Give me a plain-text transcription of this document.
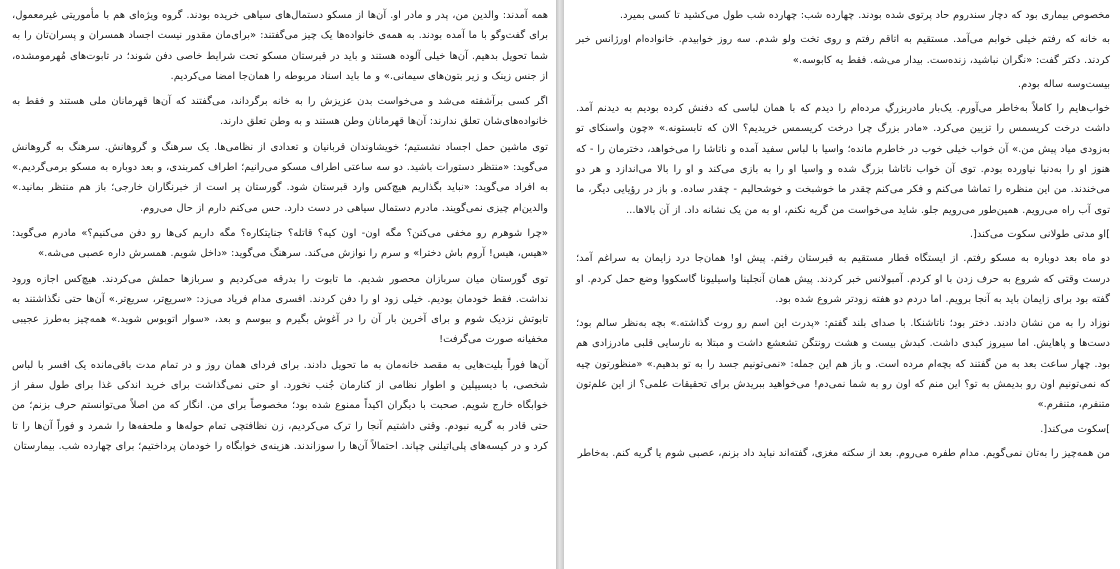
همه آمدند: والدین من، پدر و مادر او. آن‌ها از مسکو دستمال‌های سیاهی خریده بودند. گروه ویژه‌ای هم با مأموریتی غیرمعمول، برای گفت‌وگو با ما آمده بودند. به همه‌ی خانواده‌ها یک چیز می‌گفتند: «برای‌مان مقدور نیست اجساد همسران و پسران‌تان را به شما تحویل بدهیم. آن‌ها خیلی آلوده هستند و باید در قبرستان مسکو تحت شرایط خاصی دفن شوند؛ در تابوت‌های مُهرمومشده، از جنس زینک و زیر بتون‌های سیمانی.» و ما باید اسناد مربوطه را همان‌جا امضا می‌کردیم.

اگر کسی برآشفته می‌شد و می‌خواست بدن عزیزش را به خانه برگرداند، می‌گفتند که آن‌ها قهرمانان ملی هستند و فقط به خانواده‌های‌شان تعلق ندارند: آن‌ها قهرمانان وطن هستند و به وطن تعلق دارند.

توی ماشین حمل اجساد نشستیم؛ خویشاوندان قربانیان و تعدادی از نظامی‌ها. یک سرهنگ و گروهانش. سرهنگ به گروهانش می‌گوید: «منتظر دستورات باشید. دو سه ساعتی اطراف مسکو می‌رانیم؛ اطراف کمربندی، و بعد دوباره به مسکو برمی‌گردیم.» به افراد می‌گوید: «نباید بگذاریم هیچ‌کس وارد قبرستان شود. گورستان پر است از خبرنگاران خارجی؛ باز هم منتظر بمانید.» والدین‌ام چیزی نمی‌گویند. مادرم دستمال سیاهی در دست دارد. حس می‌کنم دارم از حال می‌روم.

«چرا شوهرم رو مخفی می‌کنن؟ مگه اون- اون کیه؟ قاتله؟ جنایتکاره؟ مگه داریم کی‌ها رو دفن می‌کنیم؟» مادرم می‌گوید: «هیس، هیس! آروم باش دخترا» و سرم را نوازش می‌کند. سرهنگ می‌گوید: «داخل شویم. همسرش داره عصبی می‌شه.»

توی گورستان میان سربازان محصور شدیم. ما تابوت را بدرقه می‌کردیم و سربازها حملش می‌کردند. هیچ‌کس اجازه ورود نداشت. فقط خودمان بودیم. خیلی زود او را دفن کردند. افسری مدام فریاد می‌زد: «سریع‌تر، سریع‌تر.» آن‌ها حتی نگذاشتند به تابوتش نزدیک شوم و برای آخرین بار آن را در آغوش بگیرم و ببوسم و بعد، «سوار اتوبوس شوید.» همه‌چیز به‌طرز عجیبی مخفیانه صورت می‌گرفت!

آن‌ها فوراً بلیت‌هایی به مقصد خانه‌مان به ما تحویل دادند. برای فردای همان روز و در تمام مدت باقی‌مانده یک افسر با لباس شخصی، با دیسیپلین و اطوار نظامی از کنارمان جُنب نخورد. او حتی نمی‌گذاشت برای خرید اندکی غذا برای طول سفر از خوابگاه خارج شویم. صحبت با دیگران اکیداً ممنوع شده بود؛ مخصوصاً برای من. انگار که من اصلاً می‌توانستم حرف بزنم؛ من حتی قادر به گریه نبودم. وقتی داشتیم آنجا را ترک می‌کردیم، زن نظافتچی تمام حوله‌ها و ملحفه‌ها را شمرد و فوراً آن‌ها را تا کرد و در کیسه‌های پلی‌اتیلنی چپاند. احتمالاً آن‌ها را سوزاندند. هزینه‌ی خوابگاه را خودمان پرداختیم؛ برای چهارده شب. بیمارستان

مخصوص بیماری بود که دچار سندروم حاد پرتوی شده بودند. چهارده شب: چهارده شب طول می‌کشید تا کسی بمیرد.

به خانه که رفتم خیلی خوابم می‌آمد. مستقیم به اتاقم رفتم و روی تخت ولو شدم. سه روز خوابیدم. خانواده‌ام اورژانس خبر کردند. دکتر گفت: «نگران نباشید، زنده‌ست. بیدار می‌شه. فقط یه کابوسه.»

بیست‌وسه ساله بودم.

خواب‌هایم را کاملاً به‌خاطر می‌آورم. یک‌بار مادربزرگِ مرده‌ام را دیدم که با همان لباسی که دفنش کرده بودیم به دیدنم آمد. داشت درخت کریسمس را تزیین می‌کرد. «مادر بزرگ چرا درخت کریسمس خریدیم؟ الان که تابستونه.» «چون واسنکای تو به‌زودی میاد پیش من.» آن خواب خیلی خوب در خاطرم مانده؛ واسیا با لباس سفید آمده و ناتاشا را می‌خواهد، دخترمان را - که هنوز او را به‌دنیا نیاورده بودم. توی آن خواب ناتاشا بزرگ شده و واسیا او را به بازی می‌کند و او را بالا می‌اندازد و هر دو می‌خندند. من این منظره را تماشا می‌کنم و فکر می‌کنم چقدر ما خوشبخت و خوشحالیم - چقدر ساده. و باز در رؤیایی دیگر، ما توی آب راه می‌رویم. همین‌طور می‌رویم جلو. شاید می‌خواست من گریه نکنم، او به من یک نشانه داد. از آن بالاها...

]او مدتی طولانی سکوت می‌کند[.

دو ماه بعد دوباره به مسکو رفتم. از ایستگاه قطار مستقیم به قبرستان رفتم. پیش او! همان‌جا درد زایمان به سراغم آمد؛ درست وقتی که شروع به حرف زدن با او کردم. آمبولانس خبر کردند. پیش همان آنجلینا واسیلیونا گاسکووا وضع حمل کردم. او گفته بود برای زایمان باید به آنجا برویم. اما دردم دو هفته زودتر شروع شده بود.

نوزاد را به من نشان دادند. دختر بود؛ ناتاشنکا. با صدای بلند گفتم: «پدرت این اسم رو روت گذاشته.» بچه به‌نظر سالم بود؛ دست‌ها و پاهایش. اما سیروز کبدی داشت. کبدش بیست و هشت رونتگن تشعشع داشت و مبتلا به نارسایی قلبی مادرزادی هم بود. چهار ساعت بعد به من گفتند که بچه‌ام مرده است. و باز هم این جمله: «نمی‌تونیم جسد را به تو بدهیم.» «منظورتون چیه که نمی‌تونیم اون رو بدیمش به تو؟ این منم که اون رو به شما نمی‌دم! می‌خواهید ببریدش برای تحقیقات علمی؟ از این علم‌تون متنفرم، متنفرم.»

]سکوت می‌کند[.

من همه‌چیز را به‌تان نمی‌گویم. مدام طفره می‌روم. بعد از سکته مغزی، گفته‌اند نباید داد بزنم، عصبی شوم یا گریه کنم. به‌خاطر
